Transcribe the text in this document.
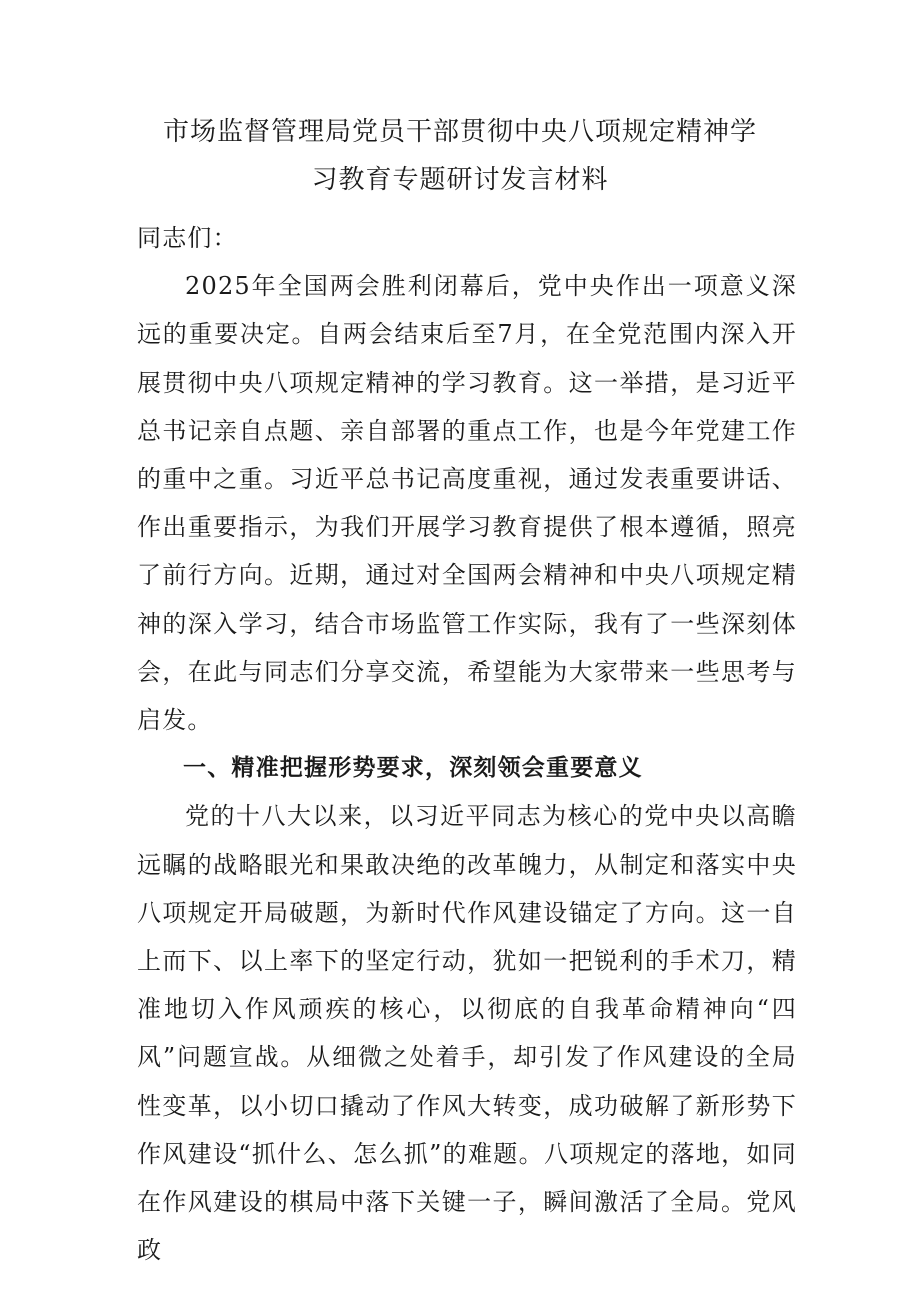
市场监督管理局党员干部贯彻中央八项规定精神学
习教育专题研讨发言材料

同志们：

2025年全国两会胜利闭幕后，党中央作出一项意义深远的重要决定。自两会结束后至7月，在全党范围内深入开展贯彻中央八项规定精神的学习教育。这一举措，是习近平总书记亲自点题、亲自部署的重点工作，也是今年党建工作的重中之重。习近平总书记高度重视，通过发表重要讲话、作出重要指示，为我们开展学习教育提供了根本遵循，照亮了前行方向。近期，通过对全国两会精神和中央八项规定精神的深入学习，结合市场监管工作实际，我有了一些深刻体会，在此与同志们分享交流，希望能为大家带来一些思考与启发。

一、精准把握形势要求，深刻领会重要意义

党的十八大以来，以习近平同志为核心的党中央以高瞻远瞩的战略眼光和果敢决绝的改革魄力，从制定和落实中央八项规定开局破题，为新时代作风建设锚定了方向。这一自上而下、以上率下的坚定行动，犹如一把锐利的手术刀，精准地切入作风顽疾的核心，以彻底的自我革命精神向“四风”问题宣战。从细微之处着手，却引发了作风建设的全局性变革，以小切口撬动了作风大转变，成功破解了新形势下作风建设“抓什么、怎么抓”的难题。八项规定的落地，如同在作风建设的棋局中落下关键一子，瞬间激活了全局。党风政
